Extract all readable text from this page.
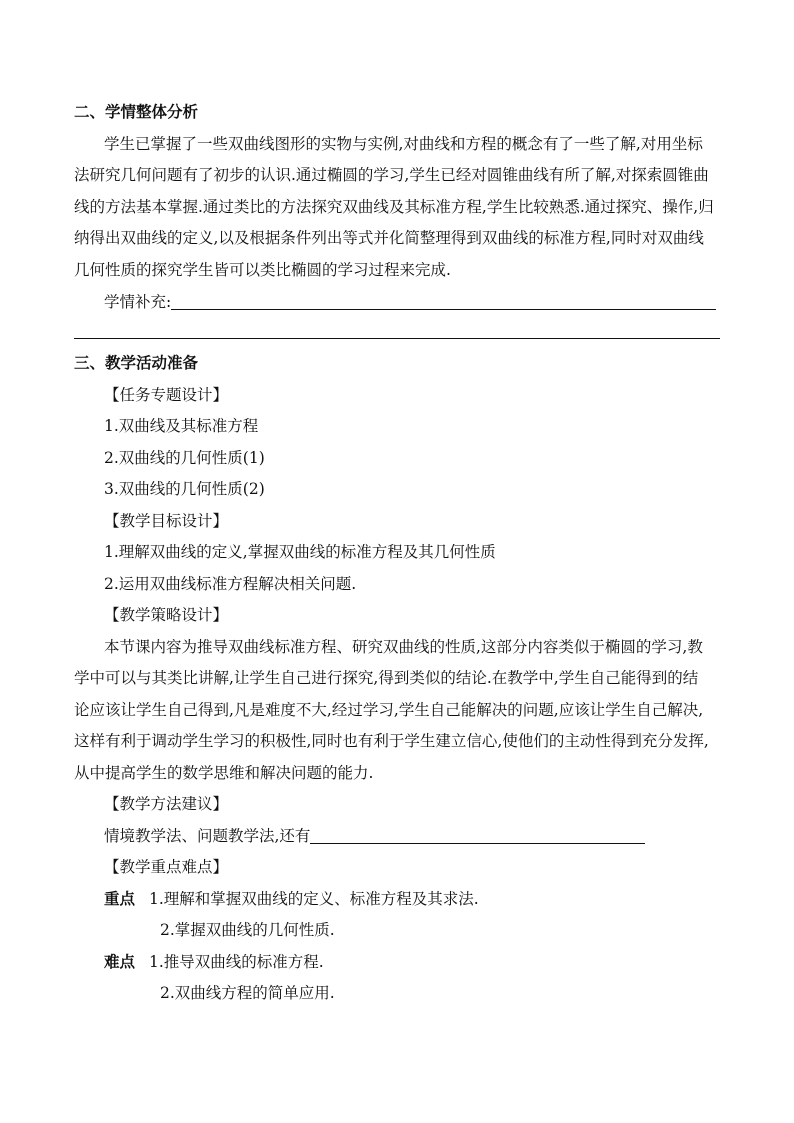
二、学情整体分析
学生已掌握了一些双曲线图形的实物与实例,对曲线和方程的概念有了一些了解,对用坐标
法研究几何问题有了初步的认识.通过椭圆的学习,学生已经对圆锥曲线有所了解,对探索圆锥曲
线的方法基本掌握.通过类比的方法探究双曲线及其标准方程,学生比较熟悉.通过探究、操作,归
纳得出双曲线的定义,以及根据条件列出等式并化简整理得到双曲线的标准方程,同时对双曲线
几何性质的探究学生皆可以类比椭圆的学习过程来完成.
学情补充:
三、教学活动准备
【任务专题设计】
1.双曲线及其标准方程
2.双曲线的几何性质(1)
3.双曲线的几何性质(2)
【教学目标设计】
1.理解双曲线的定义,掌握双曲线的标准方程及其几何性质
2.运用双曲线标准方程解决相关问题.
【教学策略设计】
本节课内容为推导双曲线标准方程、研究双曲线的性质,这部分内容类似于椭圆的学习,教
学中可以与其类比讲解,让学生自己进行探究,得到类似的结论.在教学中,学生自己能得到的结
论应该让学生自己得到,凡是难度不大,经过学习,学生自己能解决的问题,应该让学生自己解决,
这样有利于调动学生学习的积极性,同时也有利于学生建立信心,使他们的主动性得到充分发挥,
从中提高学生的数学思维和解决问题的能力.
【教学方法建议】
情境教学法、问题教学法,还有
【教学重点难点】
重点 1.理解和掌握双曲线的定义、标准方程及其求法.
2.掌握双曲线的几何性质.
难点 1.推导双曲线的标准方程.
2.双曲线方程的简单应用.
